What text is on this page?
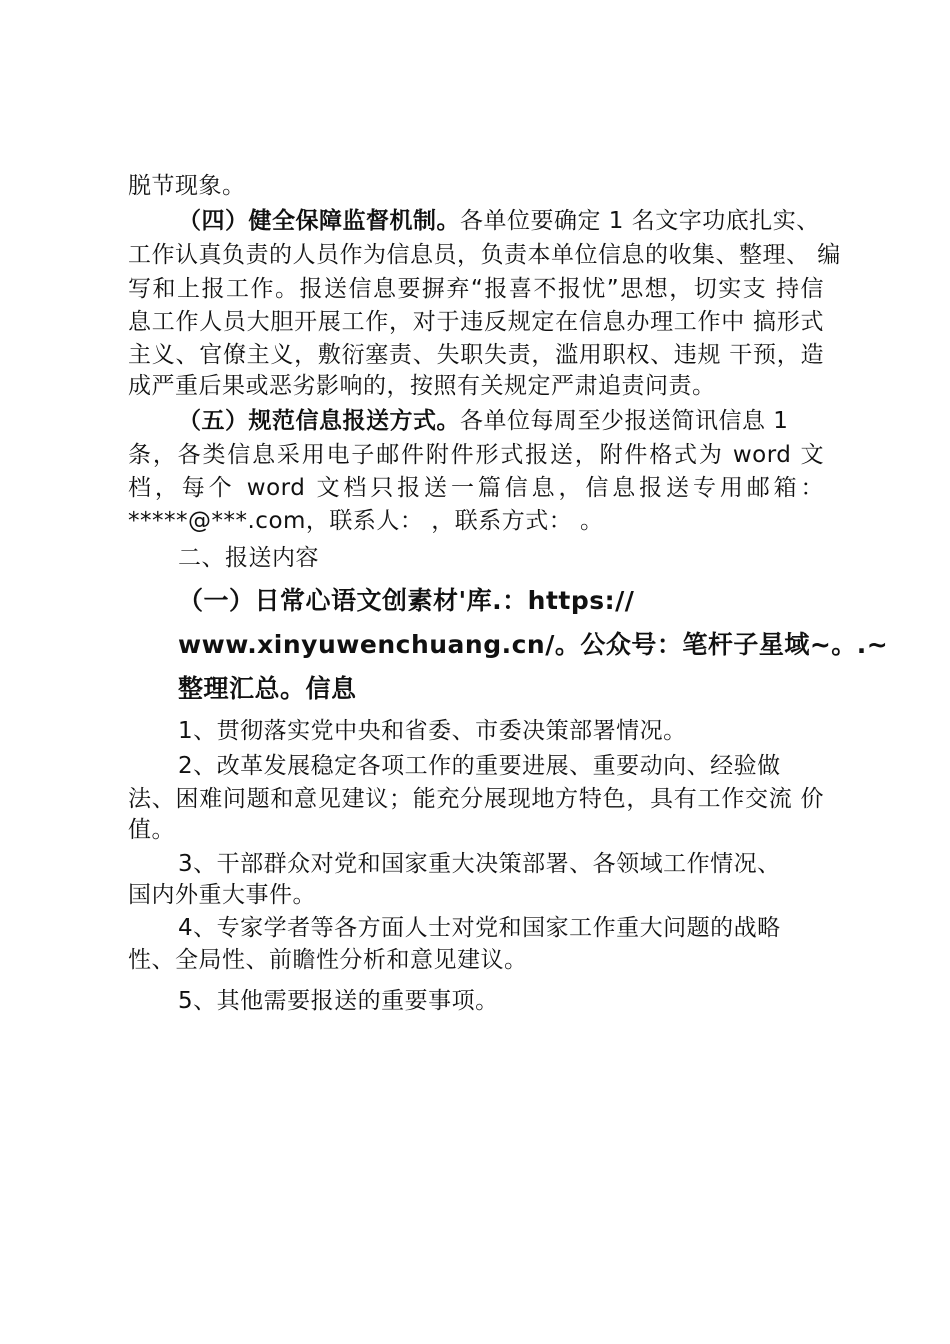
脱节现象。
（四）健全保障监督机制。各单位要确定 1 名文字功底扎实、
工作认真负责的人员作为信息员，负责本单位信息的收集、整理、 编
写和上报工作。报送信息要摒弃“报喜不报忧”思想，切实支 持信
息工作人员大胆开展工作，对于违反规定在信息办理工作中 搞形式
主义、官僚主义，敷衍塞责、失职失责，滥用职权、违规 干预，造
成严重后果或恶劣影响的，按照有关规定严肃追责问责。
（五）规范信息报送方式。各单位每周至少报送简讯信息 1
条，各类信息采用电子邮件附件形式报送，附件格式为 word 文
档，每个 word 文档只报送一篇信息，信息报送专用邮箱：
*****@***.com，联系人： ，联系方式： 。
二、报送内容
（一）日常心语文创素材'库.：https://
www.xinyuwenchuang.cn/。公众号：笔杆子星域~。.~
整理汇总。信息
1、贯彻落实党中央和省委、市委决策部署情况。
2、改革发展稳定各项工作的重要进展、重要动向、经验做
法、困难问题和意见建议；能充分展现地方特色，具有工作交流 价
值。
3、干部群众对党和国家重大决策部署、各领域工作情况、
国内外重大事件。
4、专家学者等各方面人士对党和国家工作重大问题的战略
性、全局性、前瞻性分析和意见建议。
5、其他需要报送的重要事项。
